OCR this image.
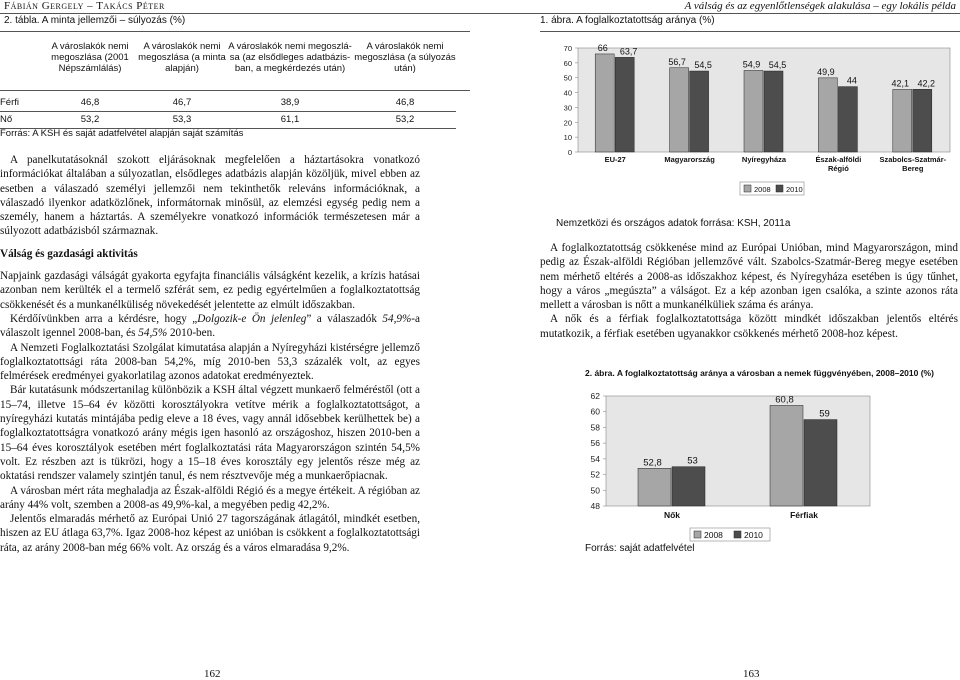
Fábián Gergely – Takács Péter	A válság és az egyenlőtlenségek alakulása – egy lokális példa
2. tábla. A minta jellemzői – súlyozás (%)
	A városlakók nemi megoszlása (2001 Népszámlálás)	A városlakók nemi megoszlása (a minta alapján)	A városlakók nemi megoszlása (az elsődleges adatbázisban, a megkérdezés után)	A városlakók nemi megoszlása (a súlyozás után)
Férfi	46,8	46,7	38,9	46,8
Nő	53,2	53,3	61,1	53,2
Forrás: A KSH és saját adatfelvétel alapján saját számítás

A panelkutatásoknál szokott eljárásoknak megfelelően a háztartásokra vonatkozó információkat általában a súlyozatlan, elsődleges adatbázis alapján közöljük, mivel ebben az esetben a válaszadó személyi jellemzői nem tekinthetők releváns információknak, a válaszadó ilyenkor adatközlőnek, informátornak minősül, az elemzési egység pedig nem a személy, hanem a háztartás. A személyekre vonatkozó információk természetesen már a súlyozott adatbázisból származnak.

Válság és gazdasági aktivitás

Napjaink gazdasági válságát gyakorta egyfajta financiális válságként kezelik, a krízis hatásai azonban nem kerülték el a termelő szférát sem, ez pedig egyértelműen a foglalkoztatottság csökkenését és a munkanélküliség növekedését jelentette az elmúlt időszakban.

Kérdőívünkben arra a kérdésre, hogy „Dolgozik-e Ön jelenleg” a válaszadók 54,9%-a válaszolt igennel 2008-ban, és 54,5% 2010-ben.

A Nemzeti Foglalkoztatási Szolgálat kimutatása alapján a Nyíregyházi kistérségre jellemző foglalkoztatottsági ráta 2008-ban 54,2%, míg 2010-ben 53,3 százalék volt, az egyes felmérések eredményei gyakorlatilag azonos adatokat eredményeztek.

Bár kutatásunk módszertanilag különbözik a KSH által végzett munkaerő felméréstől (ott a 15–74, illetve 15–64 év közötti korosztályokra vetítve mérik a foglalkoztatottságot, a nyíregyházi kutatás mintájába pedig eleve a 18 éves, vagy annál idősebbek kerülhettek be) a foglalkoztatottságra vonatkozó arány mégis igen hasonló az országoshoz, hiszen 2010-ben a 15–64 éves korosztályok esetében mért foglalkoztatási ráta Magyarországon szintén 54,5% volt. Ez részben azt is tükrözi, hogy a 15–18 éves korosztály egy jelentős része még az oktatási rendszer valamely szintjén tanul, és nem résztvevője még a munkaerőpiacnak.

A városban mért ráta meghaladja az Észak-alföldi Régió és a megye értékeit. A régióban az arány 44% volt, szemben a 2008-as 49,9%-kal, a megyében pedig 42,2%.

Jelentős elmaradás mérhető az Európai Unió 27 tagországának átlagától, mindkét esetben, hiszen az EU átlaga 63,7%. Igaz 2008-hoz képest az unióban is csökkent a foglalkoztatottsági ráta, az arány 2008-ban még 66% volt. Az ország és a város elmaradása 9,2%.

162
1. ábra. A foglalkoztatottság aránya (%)
0
10
20
30
40
50
60
70	66 63,7
EU-27
56,7 54,5
Magyarország
54,9 54,5
Nyíregyháza
49,9
44
Észak-alföldi
Régió
42,1 42,2
Szabolcs-Szatmár-
Bereg
2008 2010
Nemzetközi és országos adatok forrása: KSH, 2011a

A foglalkoztatottság csökkenése mind az Európai Unióban, mind Magyarországon, mind pedig az Észak-alföldi Régióban jellemzővé vált. Szabolcs-Szatmár-Bereg megye esetében nem mérhető eltérés a 2008-as időszakhoz képest, és Nyíregyháza esetében is úgy tűnhet, hogy a város „megúszta” a válságot. Ez a kép azonban igen csalóka, a szinte azonos ráta mellett a városban is nőtt a munkanélküliek száma és aránya.

A nők és a férfiak foglalkoztatottsága között mindkét időszakban jelentős eltérés mutatkozik, a férfiak esetében ugyanakkor csökkenés mérhető 2008-hoz képest.

2. ábra. A foglalkoztatottság aránya a városban a nemek függvényében, 2008–2010 (%)
48
50
52
54
56
58
60
62
52,8	53
Nők
60,8
59
Férfiak
2008 2010
Forrás: saját adatfelvétel
163
